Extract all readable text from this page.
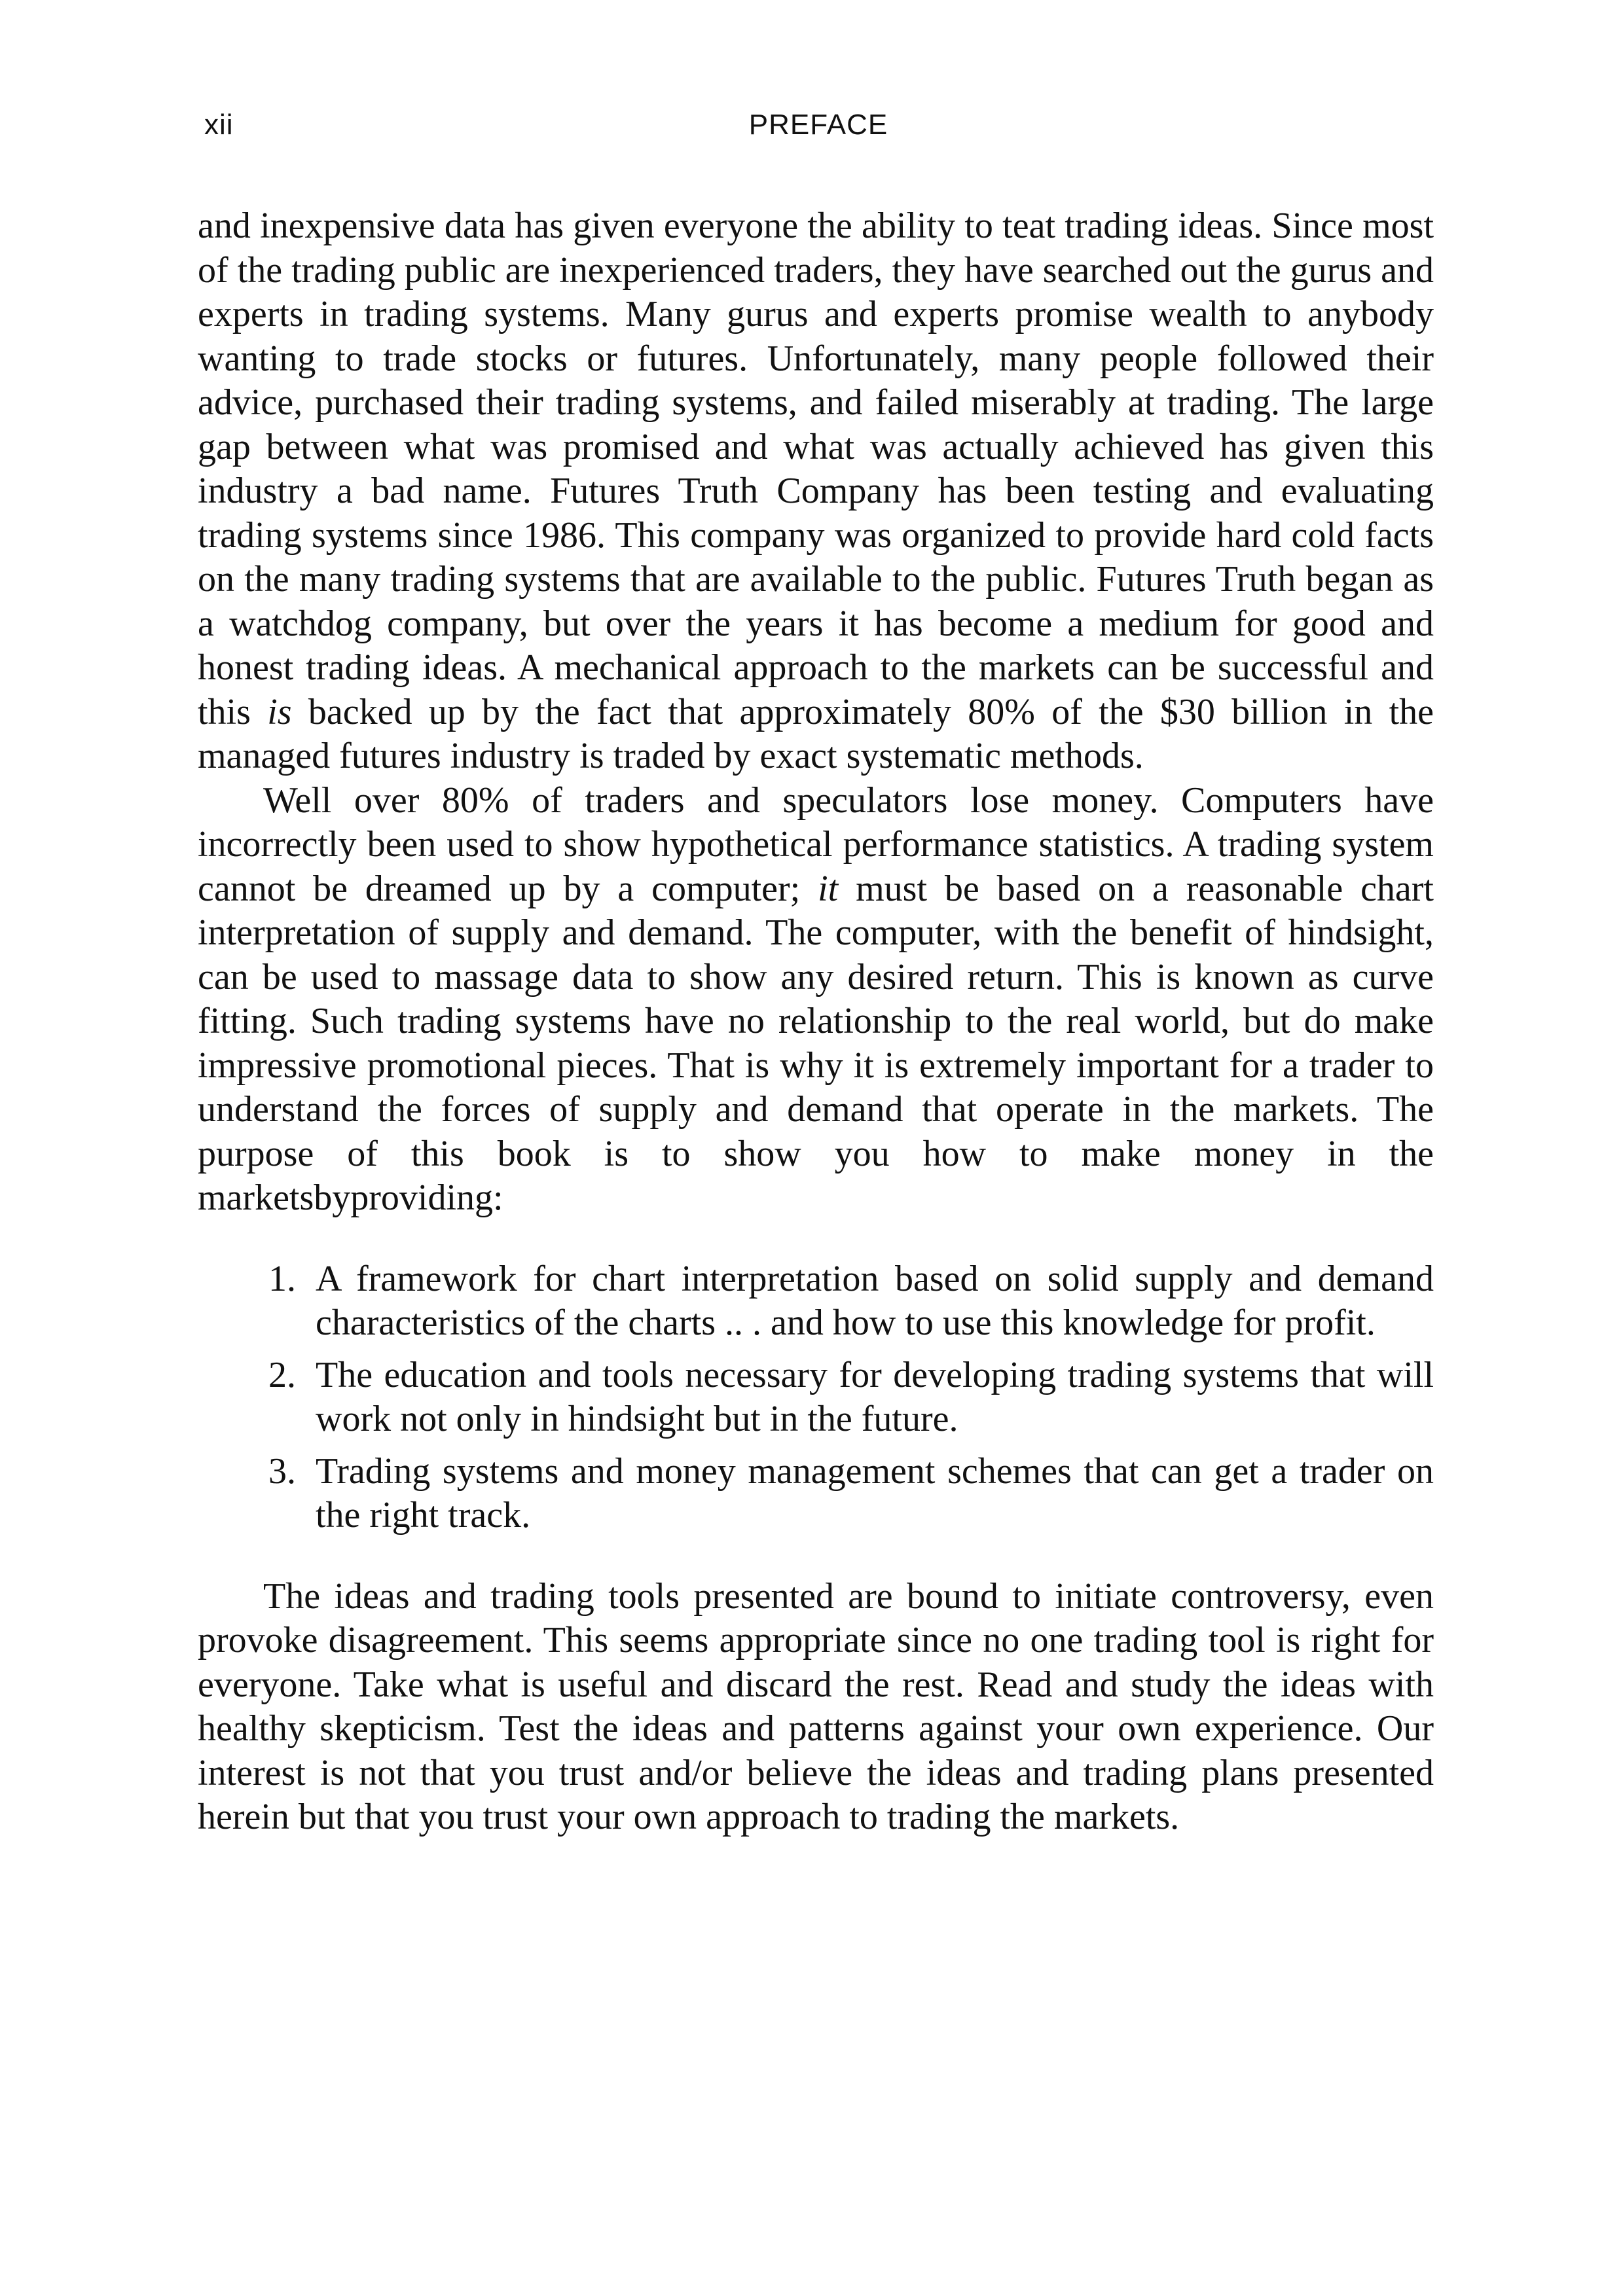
xii	PREFACE

and inexpensive data has given everyone the ability to teat trading ideas. Since most of the trading public are inexperienced traders, they have searched out the gurus and experts in trading systems. Many gurus and experts promise wealth to anybody wanting to trade stocks or futures. Unfortunately, many people followed their advice, purchased their trading systems, and failed miserably at trading. The large gap between what was promised and what was actually achieved has given this industry a bad name. Futures Truth Company has been testing and evaluating trading systems since 1986. This company was organized to provide hard cold facts on the many trading systems that are available to the public. Futures Truth began as a watchdog company, but over the years it has become a medium for good and honest trading ideas. A mechanical approach to the markets can be successful and this is backed up by the fact that approximately 80% of the $30 billion in the managed futures industry is traded by exact systematic methods.

Well over 80% of traders and speculators lose money. Computers have incorrectly been used to show hypothetical performance statistics. A trading system cannot be dreamed up by a computer; it must be based on a reasonable chart interpretation of supply and demand. The computer, with the benefit of hindsight, can be used to massage data to show any desired return. This is known as curve fitting. Such trading systems have no relationship to the real world, but do make impressive promotional pieces. That is why it is extremely important for a trader to understand the forces of supply and demand that operate in the markets. The purpose of this book is to show you how to make money in the marketsbyproviding:

1. A framework for chart interpretation based on solid supply and demand characteristics of the charts .. . and how to use this knowledge for profit.
2. The education and tools necessary for developing trading systems that will work not only in hindsight but in the future.
3. Trading systems and money management schemes that can get a trader on the right track.

The ideas and trading tools presented are bound to initiate controversy, even provoke disagreement. This seems appropriate since no one trading tool is right for everyone. Take what is useful and discard the rest. Read and study the ideas with healthy skepticism. Test the ideas and patterns against your own experience. Our interest is not that you trust and/or believe the ideas and trading plans presented herein but that you trust your own approach to trading the markets.
